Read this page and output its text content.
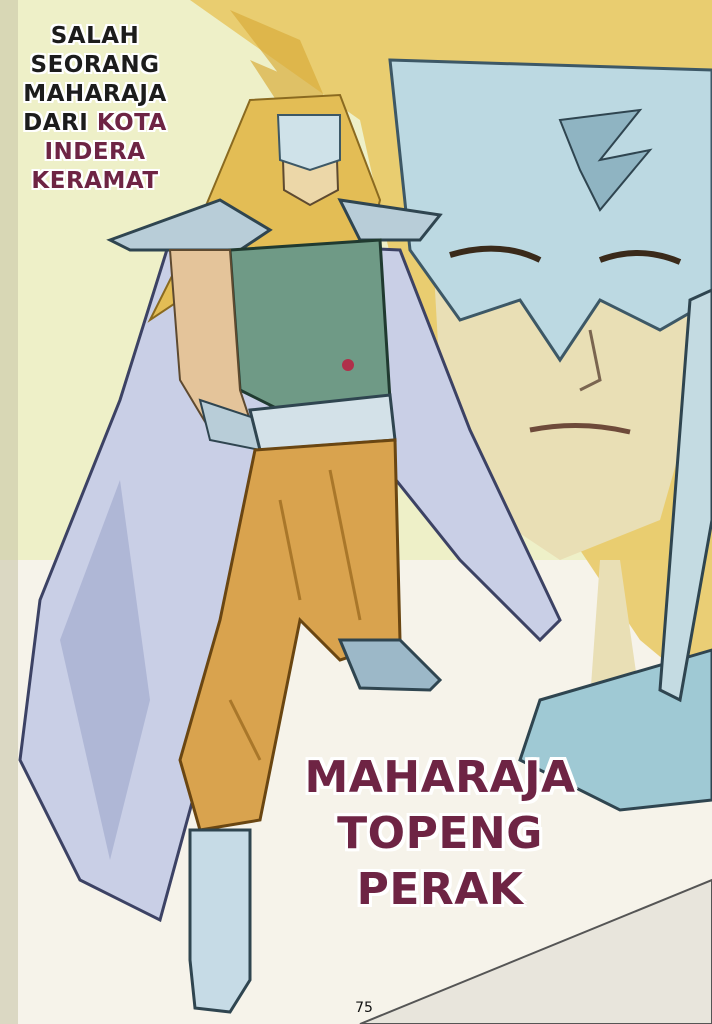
SALAH
SEORANG
MAHARAJA
DARI KOTA
INDERA
KERAMAT
MAHARAJA
TOPENG
PERAK
75
